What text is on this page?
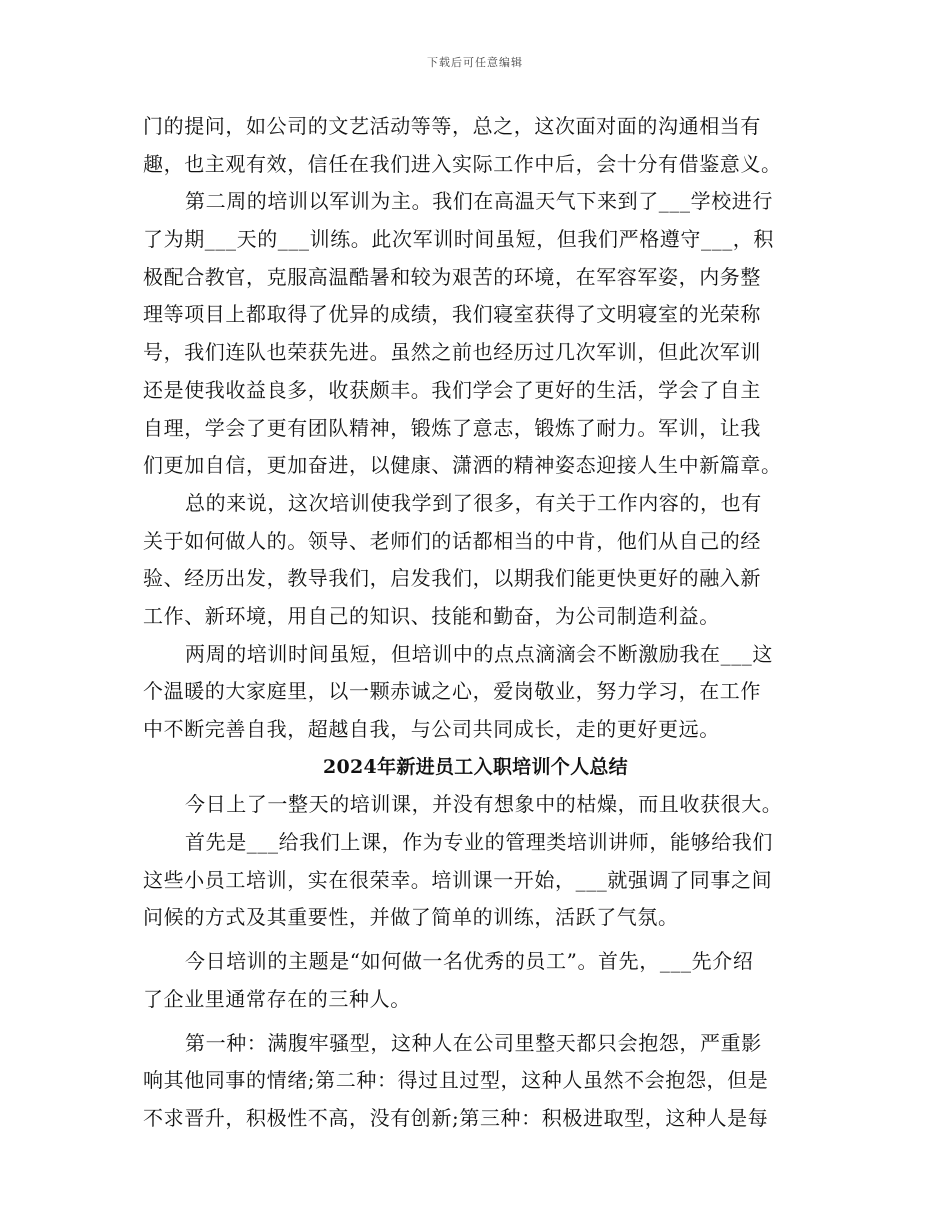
下载后可任意编辑
门的提问，如公司的文艺活动等等，总之，这次面对面的沟通相当有
趣，也主观有效，信任在我们进入实际工作中后，会十分有借鉴意义。
第二周的培训以军训为主。我们在高温天气下来到了___学校进行
了为期___天的___训练。此次军训时间虽短，但我们严格遵守___，积
极配合教官，克服高温酷暑和较为艰苦的环境，在军容军姿，内务整
理等项目上都取得了优异的成绩，我们寝室获得了文明寝室的光荣称
号，我们连队也荣获先进。虽然之前也经历过几次军训，但此次军训
还是使我收益良多，收获颇丰。我们学会了更好的生活，学会了自主
自理，学会了更有团队精神，锻炼了意志，锻炼了耐力。军训，让我
们更加自信，更加奋进，以健康、潇洒的精神姿态迎接人生中新篇章。
总的来说，这次培训使我学到了很多，有关于工作内容的，也有
关于如何做人的。领导、老师们的话都相当的中肯，他们从自己的经
验、经历出发，教导我们，启发我们，以期我们能更快更好的融入新
工作、新环境，用自己的知识、技能和勤奋，为公司制造利益。
两周的培训时间虽短，但培训中的点点滴滴会不断激励我在___这
个温暖的大家庭里，以一颗赤诚之心，爱岗敬业，努力学习，在工作
中不断完善自我，超越自我，与公司共同成长，走的更好更远。
2024年新进员工入职培训个人总结
今日上了一整天的培训课，并没有想象中的枯燥，而且收获很大。
首先是___给我们上课，作为专业的管理类培训讲师，能够给我们
这些小员工培训，实在很荣幸。培训课一开始，___就强调了同事之间
问候的方式及其重要性，并做了简单的训练，活跃了气氛。
今日培训的主题是“如何做一名优秀的员工”。首先，___先介绍
了企业里通常存在的三种人。
第一种：满腹牢骚型，这种人在公司里整天都只会抱怨，严重影
响其他同事的情绪;第二种：得过且过型，这种人虽然不会抱怨，但是
不求晋升，积极性不高，没有创新;第三种：积极进取型，这种人是每
